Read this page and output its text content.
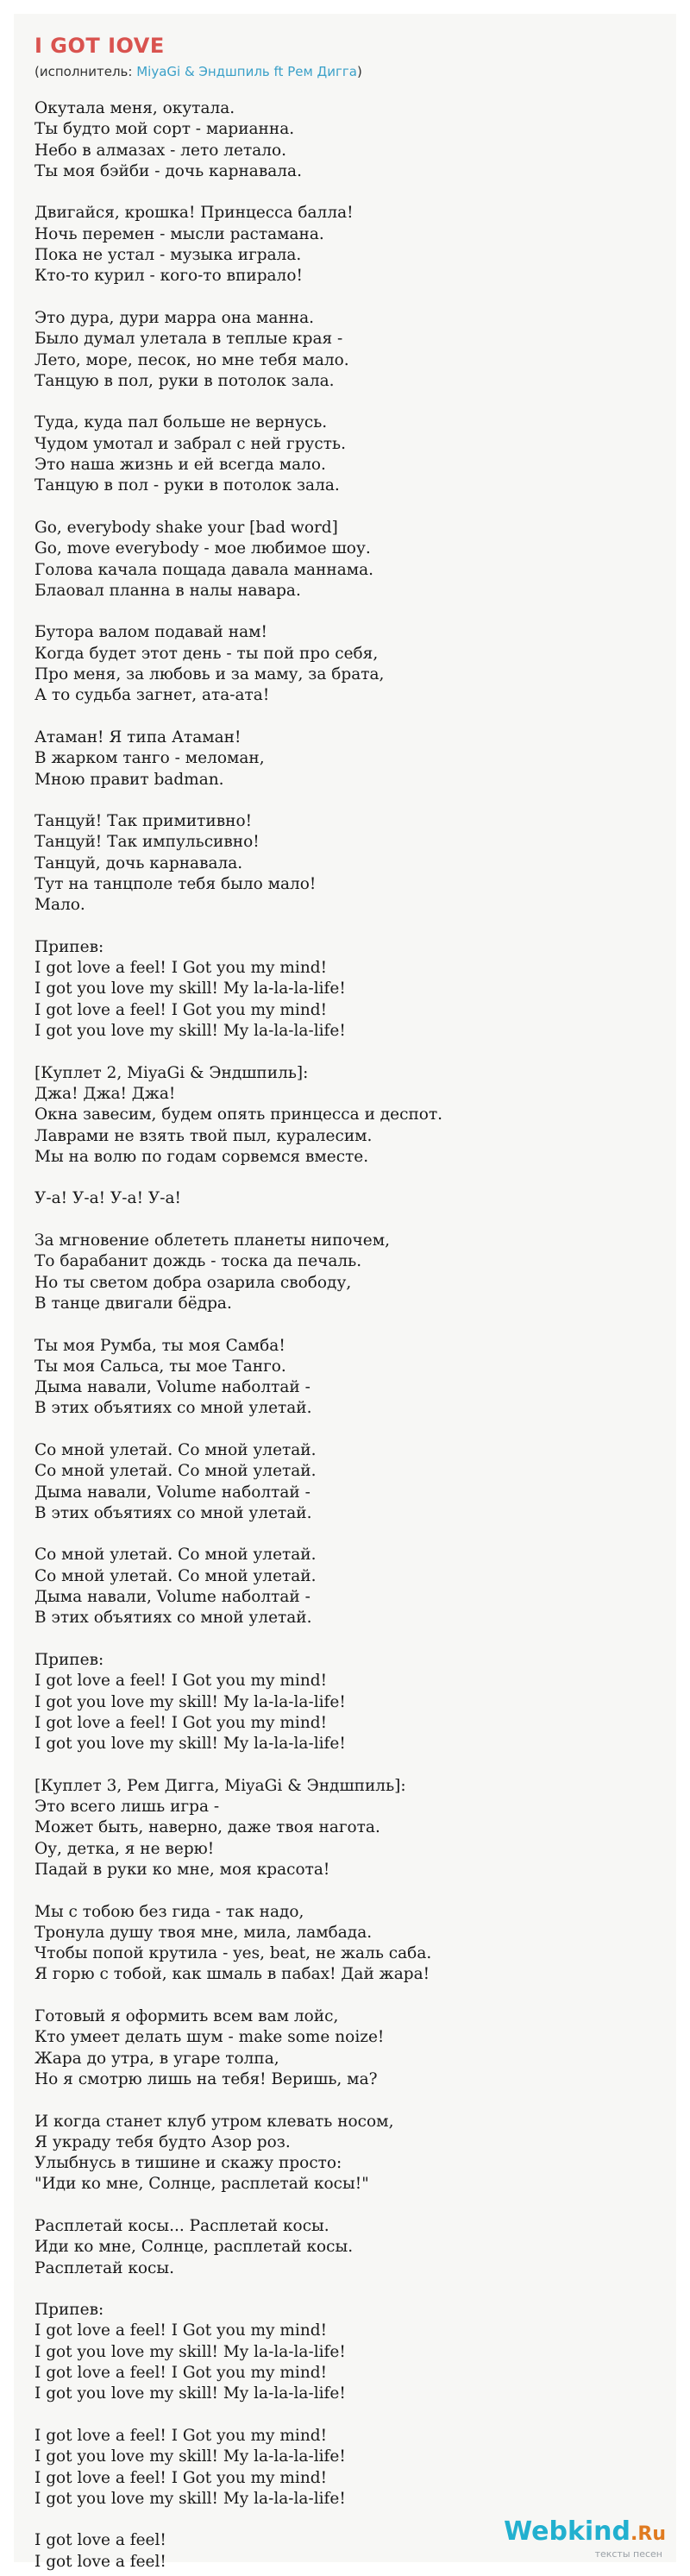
I GOT IOVE
(исполнитель: MiyaGi & Эндшпиль ft Рем Дигга)
Окутала меня, окутала.
Ты будто мой сорт - марианна.
Небо в алмазах - лето летало.
Ты моя бэйби - дочь карнавала.
Двигайся, крошка! Принцесса балла!
Ночь перемен - мысли растамана.
Пока не устал - музыка играла.
Кто-то курил - кого-то впирало!
Это дура, дури марра она манна.
Было думал улетала в теплые края -
Лето, море, песок, но мне тебя мало.
Танцую в пол, руки в потолок зала.
Туда, куда пал больше не вернусь.
Чудом умотал и забрал с ней грусть.
Это наша жизнь и ей всегда мало.
Танцую в пол - руки в потолок зала.
Go, everybody shake your [bad word]
Go, move everybody - мое любимое шоу.
Голова качала пощада давала маннама.
Блаовал планна в налы навара.
Бутора валом подавай нам!
Когда будет этот день - ты пой про себя,
Про меня, за любовь и за маму, за брата,
А то судьба загнет, ата-ата!
Атаман! Я типа Атаман!
В жарком танго - меломан,
Мною правит badman.
Танцуй! Так примитивно!
Танцуй! Так импульсивно!
Танцуй, дочь карнавала.
Тут на танцполе тебя было мало!
Мало.
Припев:
I got love a feel! I Got you my mind!
I got you love my skill! My la-la-la-life!
I got love a feel! I Got you my mind!
I got you love my skill! My la-la-la-life!
[Куплет 2, MiyaGi & Эндшпиль]:
Джа! Джа! Джа!
Окна завесим, будем опять принцесса и деспот.
Лаврами не взять твой пыл, куралесим.
Мы на волю по годам сорвемся вместе.
У-а! У-а! У-а! У-а!
За мгновение облететь планеты нипочем,
То барабанит дождь - тоска да печаль.
Но ты светом добра озарила свободу,
В танце двигали бёдра.
Ты моя Румба, ты моя Самба!
Ты моя Сальса, ты мое Танго.
Дыма навали, Volume наболтай -
В этих объятиях со мной улетай.
Со мной улетай. Со мной улетай.
Со мной улетай. Со мной улетай.
Дыма навали, Volume наболтай -
В этих объятиях со мной улетай.
Со мной улетай. Со мной улетай.
Со мной улетай. Со мной улетай.
Дыма навали, Volume наболтай -
В этих объятиях со мной улетай.
Припев:
I got love a feel! I Got you my mind!
I got you love my skill! My la-la-la-life!
I got love a feel! I Got you my mind!
I got you love my skill! My la-la-la-life!
[Куплет 3, Рем Дигга, MiyaGi & Эндшпиль]:
Это всего лишь игра -
Может быть, наверно, даже твоя нагота.
Оу, детка, я не верю!
Падай в руки ко мне, моя красота!
Мы с тобою без гида - так надо,
Тронула душу твоя мне, мила, ламбада.
Чтобы попой крутила - yes, beat, не жаль саба.
Я горю с тобой, как шмаль в пабах! Дай жара!
Готовый я оформить всем вам лойс,
Кто умеет делать шум - make some noize!
Жара до утра, в угаре толпа,
Но я смотрю лишь на тебя! Веришь, ма?
И когда станет клуб утром клевать носом,
Я украду тебя будто Азор роз.
Улыбнусь в тишине и скажу просто:
"Иди ко мне, Солнце, расплетай косы!"
Расплетай косы... Расплетай косы.
Иди ко мне, Солнце, расплетай косы.
Расплетай косы.
Припев:
I got love a feel! I Got you my mind!
I got you love my skill! My la-la-la-life!
I got love a feel! I Got you my mind!
I got you love my skill! My la-la-la-life!
I got love a feel! I Got you my mind!
I got you love my skill! My la-la-la-life!
I got love a feel! I Got you my mind!
I got you love my skill! My la-la-la-life!
I got love a feel!
I got love a feel!
Webkind.Ru
тексты песен
